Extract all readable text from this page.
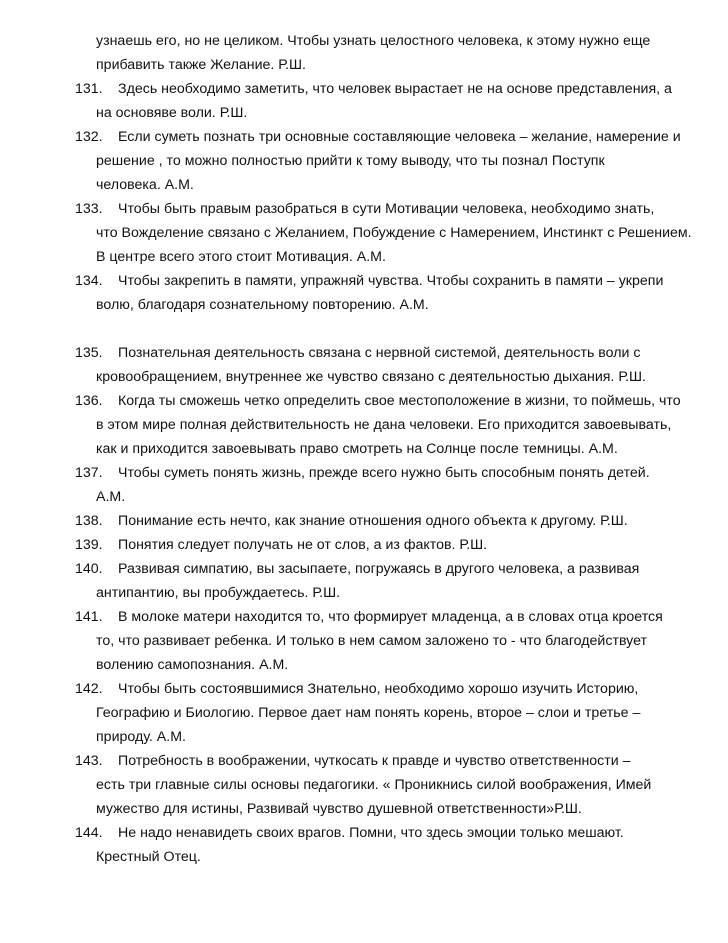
узнаешь его, но не целиком. Чтобы узнать целостного человека, к этому нужно еще
прибавить также Желание. Р.Ш.
131. Здесь необходимо заметить, что человек вырастает не на основе представления, а
на основяве воли. Р.Ш.
132. Если суметь познать три основные составляющие человека – желание, намерение и
решение , то можно полностью прийти к тому выводу, что ты познал Поступк
человека. А.М.
133. Чтобы быть правым разобраться в сути Мотивации человека, необходимо знать,
что Вожделение связано с Желанием, Побуждение с Намерением, Инстинкт с Решением.
В центре всего этого стоит Мотивация. А.М.
134. Чтобы закрепить в памяти, упражняй чувства. Чтобы сохранить в памяти – укрепи
волю, благодаря сознательному повторению. А.М.
135. Познательная деятельность связана с нервной системой, деятельность воли с
кровообращением, внутреннее же чувство связано с деятельностью дыхания. Р.Ш.
136. Когда ты сможешь четко определить свое местоположение в жизни, то поймешь, что
в этом мире полная действительность не дана человеки. Его приходится завоевывать,
как и приходится завоевывать право смотреть на Солнце после темницы. А.М.
137. Чтобы суметь понять жизнь, прежде всего нужно быть способным понять детей.
А.М.
138. Понимание есть нечто, как знание отношения одного объекта к другому. Р.Ш.
139. Понятия следует получать не от слов, а из фактов. Р.Ш.
140. Развивая симпатию, вы засыпаете, погружаясь в другого человека, а развивая
антипантию, вы пробуждаетесь. Р.Ш.
141. В молоке матери находится то, что формирует младенца, а в словах отца кроется
то, что развивает ребенка. И только в нем самом заложено то - что благодействует
волению самопознания. А.М.
142. Чтобы быть состоявшимися Знательно, необходимо хорошо изучить Историю,
Географию и Биологию. Первое дает нам понять корень, второе – слои и третье –
природу. А.М.
143. Потребность в воображении, чуткосать к правде и чувство ответственности –
есть три главные силы основы педагогики. « Проникнись силой воображения, Имей
мужество для истины, Развивай чувство душевной ответственности»Р.Ш.
144. Не надо ненавидеть своих врагов. Помни, что здесь эмоции только мешают.
Крестный Отец.
